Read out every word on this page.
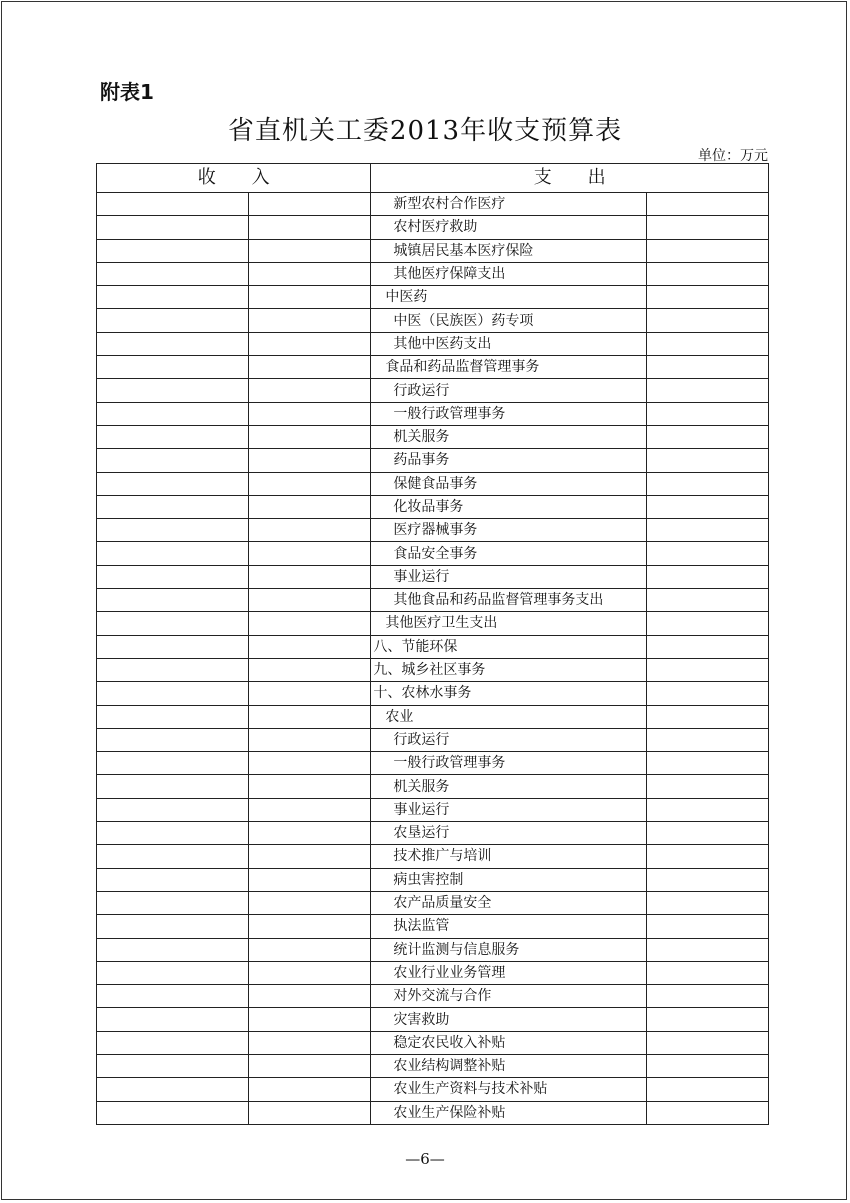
附表1
省直机关工委2013年收支预算表
单位：万元
收　　入		支　　出	
		新型农村合作医疗	
		农村医疗救助	
		城镇居民基本医疗保险	
		其他医疗保障支出	
		中医药	
		中医（民族医）药专项	
		其他中医药支出	
		食品和药品监督管理事务	
		行政运行	
		一般行政管理事务	
		机关服务	
		药品事务	
		保健食品事务	
		化妆品事务	
		医疗器械事务	
		食品安全事务	
		事业运行	
		其他食品和药品监督管理事务支出	
		其他医疗卫生支出	
		八、节能环保	
		九、城乡社区事务	
		十、农林水事务	
		农业	
		行政运行	
		一般行政管理事务	
		机关服务	
		事业运行	
		农垦运行	
		技术推广与培训	
		病虫害控制	
		农产品质量安全	
		执法监管	
		统计监测与信息服务	
		农业行业业务管理	
		对外交流与合作	
		灾害救助	
		稳定农民收入补贴	
		农业结构调整补贴	
		农业生产资料与技术补贴	
		农业生产保险补贴	
—6—
